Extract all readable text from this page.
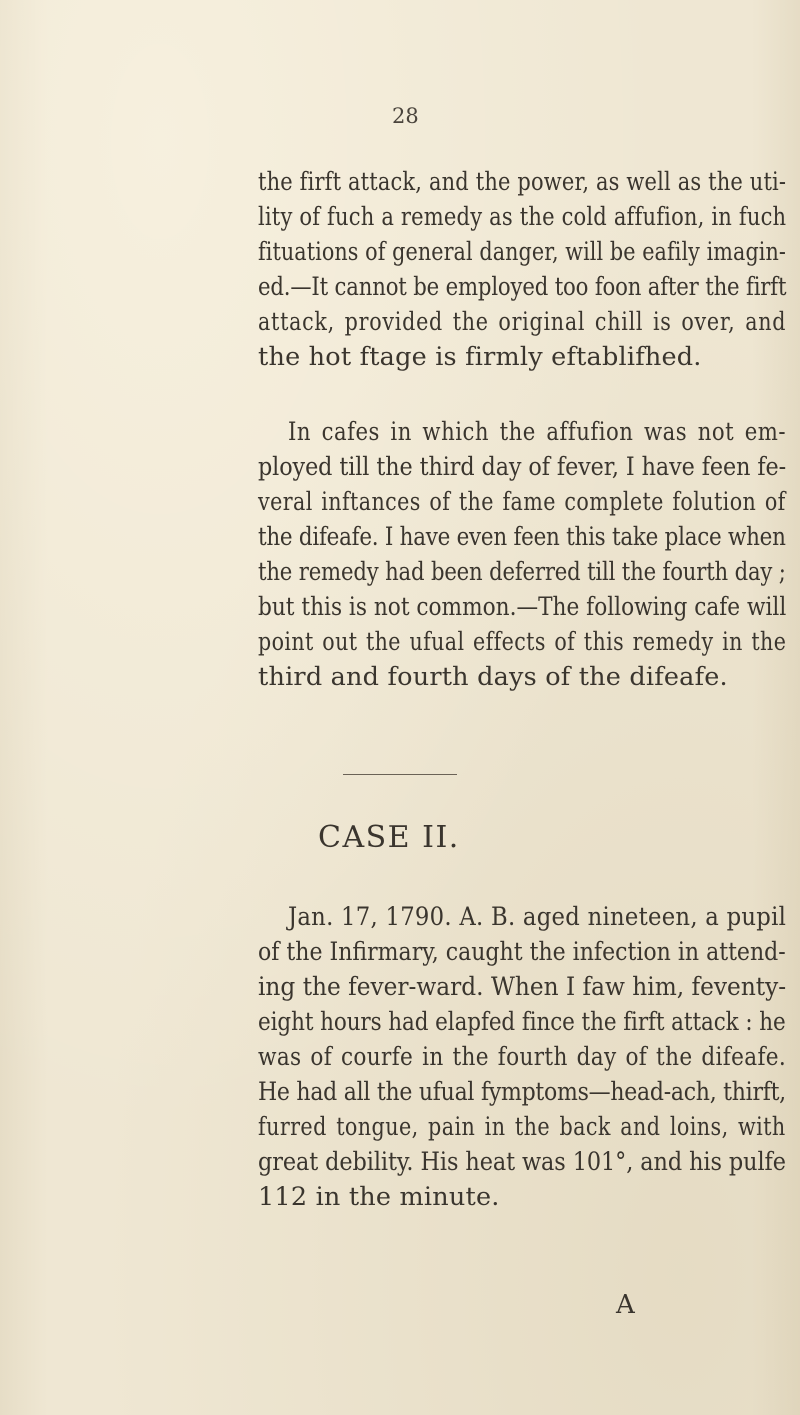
28
the firft attack, and the power, as well as the uti-
lity of fuch a remedy as the cold affufion, in fuch
fituations of general danger, will be eafily imagin-
ed.—It cannot be employed too foon after the firft
attack, provided the original chill is over, and
the hot ftage is firmly eftablifhed.
In cafes in which the affufion was not em-
ployed till the third day of fever, I have feen fe-
veral inftances of the fame complete folution of
the difeafe. I have even feen this take place when
the remedy had been deferred till the fourth day ;
but this is not common.—The following cafe will
point out the ufual effects of this remedy in the
third and fourth days of the difeafe.
CASE II.
Jan. 17, 1790. A. B. aged nineteen, a pupil
of the Infirmary, caught the infection in attend-
ing the fever-ward. When I faw him, feventy-
eight hours had elapfed fince the firft attack : he
was of courfe in the fourth day of the difeafe.
He had all the ufual fymptoms—head-ach, thirft,
furred tongue, pain in the back and loins, with
great debility. His heat was 101°, and his pulfe
112 in the minute.
A
